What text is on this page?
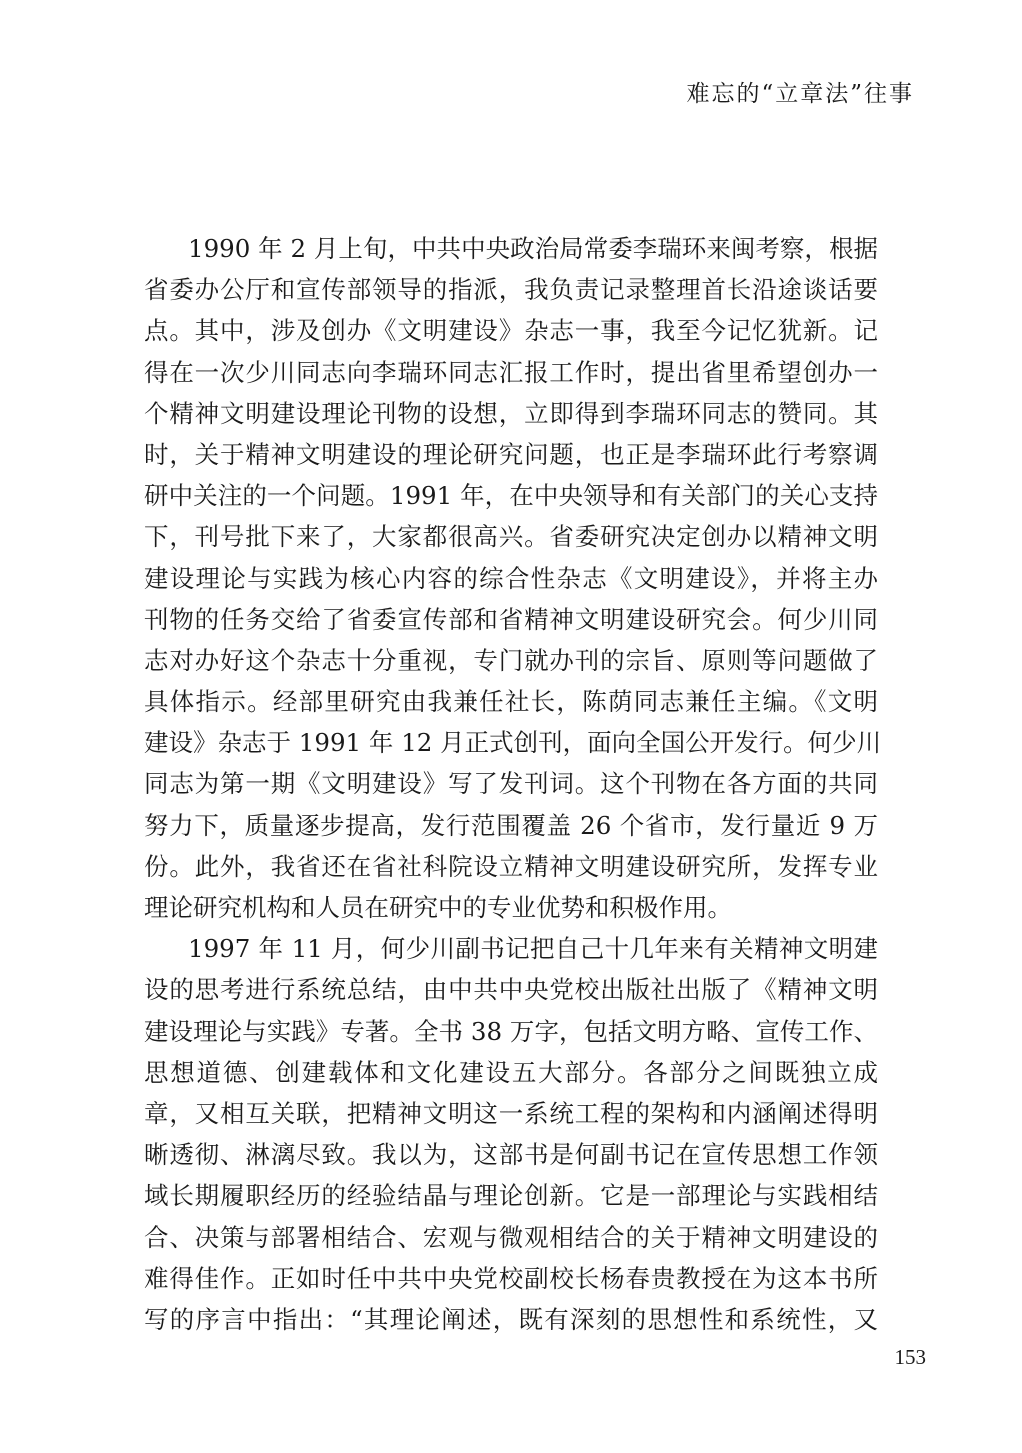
难忘的“立章法”往事
1990 年 2 月上旬，中共中央政治局常委李瑞环来闽考察，根据
省委办公厅和宣传部领导的指派，我负责记录整理首长沿途谈话要
点。其中，涉及创办《文明建设》杂志一事，我至今记忆犹新。记
得在一次少川同志向李瑞环同志汇报工作时，提出省里希望创办一
个精神文明建设理论刊物的设想，立即得到李瑞环同志的赞同。其
时，关于精神文明建设的理论研究问题，也正是李瑞环此行考察调
研中关注的一个问题。1991 年，在中央领导和有关部门的关心支持
下，刊号批下来了，大家都很高兴。省委研究决定创办以精神文明
建设理论与实践为核心内容的综合性杂志《文明建设》，并将主办
刊物的任务交给了省委宣传部和省精神文明建设研究会。何少川同
志对办好这个杂志十分重视，专门就办刊的宗旨、原则等问题做了
具体指示。经部里研究由我兼任社长，陈荫同志兼任主编。《文明
建设》杂志于 1991 年 12 月正式创刊，面向全国公开发行。何少川
同志为第一期《文明建设》写了发刊词。这个刊物在各方面的共同
努力下，质量逐步提高，发行范围覆盖 26 个省市，发行量近 9 万
份。此外，我省还在省社科院设立精神文明建设研究所，发挥专业
理论研究机构和人员在研究中的专业优势和积极作用。
1997 年 11 月，何少川副书记把自己十几年来有关精神文明建
设的思考进行系统总结，由中共中央党校出版社出版了《精神文明
建设理论与实践》专著。全书 38 万字，包括文明方略、宣传工作、
思想道德、创建载体和文化建设五大部分。各部分之间既独立成
章，又相互关联，把精神文明这一系统工程的架构和内涵阐述得明
晰透彻、淋漓尽致。我以为，这部书是何副书记在宣传思想工作领
域长期履职经历的经验结晶与理论创新。它是一部理论与实践相结
合、决策与部署相结合、宏观与微观相结合的关于精神文明建设的
难得佳作。正如时任中共中央党校副校长杨春贵教授在为这本书所
写的序言中指出：“其理论阐述，既有深刻的思想性和系统性，又
153
